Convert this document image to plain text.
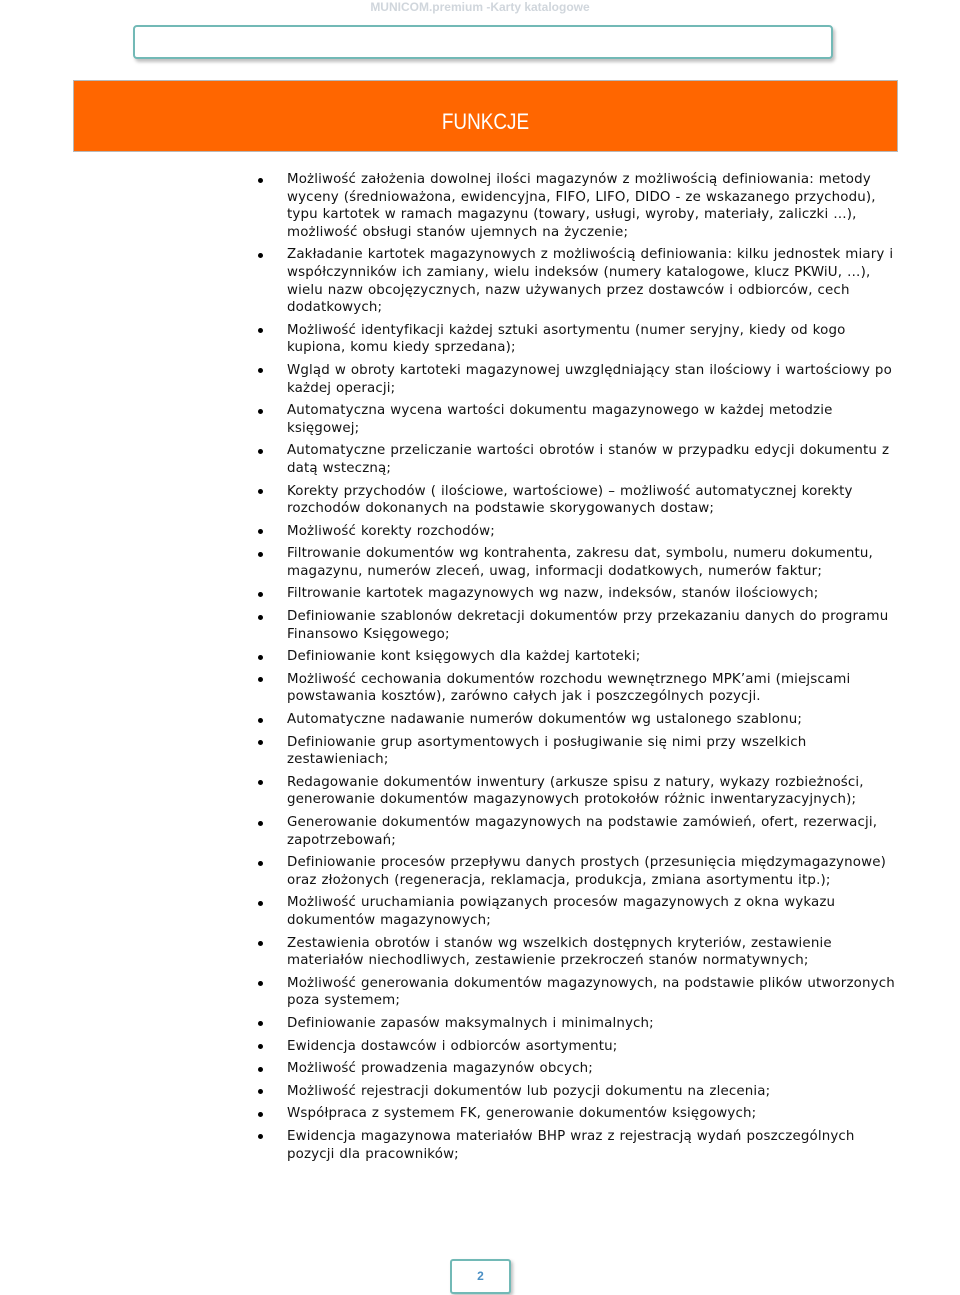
MUNICOM.premium -Karty katalogowe
FUNKCJE
Możliwość założenia dowolnej ilości magazynów z możliwością definiowania: metody wyceny (średnioważona, ewidencyjna, FIFO, LIFO, DIDO - ze wskazanego przychodu), typu kartotek w ramach magazynu (towary, usługi, wyroby, materiały, zaliczki …), możliwość obsługi stanów ujemnych na życzenie;
Zakładanie kartotek magazynowych z możliwością definiowania: kilku jednostek miary i współczynników ich zamiany, wielu indeksów (numery katalogowe, klucz PKWiU, …), wielu nazw obcojęzycznych, nazw używanych przez dostawców i odbiorców, cech dodatkowych;
Możliwość identyfikacji każdej sztuki asortymentu (numer seryjny, kiedy od kogo kupiona, komu kiedy sprzedana);
Wgląd w obroty kartoteki magazynowej uwzględniający stan ilościowy i wartościowy po każdej operacji;
Automatyczna wycena wartości dokumentu magazynowego w każdej metodzie księgowej;
Automatyczne przeliczanie wartości obrotów i stanów w przypadku edycji dokumentu z datą wsteczną;
Korekty przychodów ( ilościowe, wartościowe) – możliwość automatycznej korekty rozchodów dokonanych na podstawie skorygowanych dostaw;
Możliwość korekty rozchodów;
Filtrowanie dokumentów wg kontrahenta, zakresu dat, symbolu, numeru dokumentu, magazynu, numerów zleceń, uwag, informacji dodatkowych, numerów faktur;
Filtrowanie kartotek magazynowych wg nazw, indeksów, stanów ilościowych;
Definiowanie szablonów dekretacji dokumentów przy przekazaniu danych do programu Finansowo Księgowego;
Definiowanie kont księgowych dla każdej kartoteki;
Możliwość cechowania dokumentów rozchodu wewnętrznego MPK’ami (miejscami powstawania kosztów), zarówno całych jak i poszczególnych pozycji.
Automatyczne nadawanie numerów dokumentów wg ustalonego szablonu;
Definiowanie grup asortymentowych i posługiwanie się nimi przy wszelkich zestawieniach;
Redagowanie dokumentów inwentury (arkusze spisu z natury, wykazy rozbieżności, generowanie dokumentów magazynowych protokołów różnic inwentaryzacyjnych);
Generowanie dokumentów magazynowych na podstawie zamówień, ofert, rezerwacji, zapotrzebowań;
Definiowanie procesów przepływu danych prostych (przesunięcia międzymagazynowe) oraz złożonych (regeneracja, reklamacja, produkcja, zmiana asortymentu itp.);
Możliwość uruchamiania powiązanych procesów magazynowych z okna wykazu dokumentów magazynowych;
Zestawienia obrotów i stanów wg wszelkich dostępnych kryteriów, zestawienie materiałów niechodliwych, zestawienie przekroczeń stanów normatywnych;
Możliwość generowania dokumentów magazynowych, na podstawie plików utworzonych poza systemem;
Definiowanie zapasów maksymalnych i minimalnych;
Ewidencja dostawców i odbiorców asortymentu;
Możliwość prowadzenia magazynów obcych;
Możliwość rejestracji dokumentów lub pozycji dokumentu na zlecenia;
Współpraca z systemem FK, generowanie dokumentów księgowych;
Ewidencja magazynowa materiałów BHP wraz z rejestracją wydań poszczególnych pozycji dla pracowników;
2
